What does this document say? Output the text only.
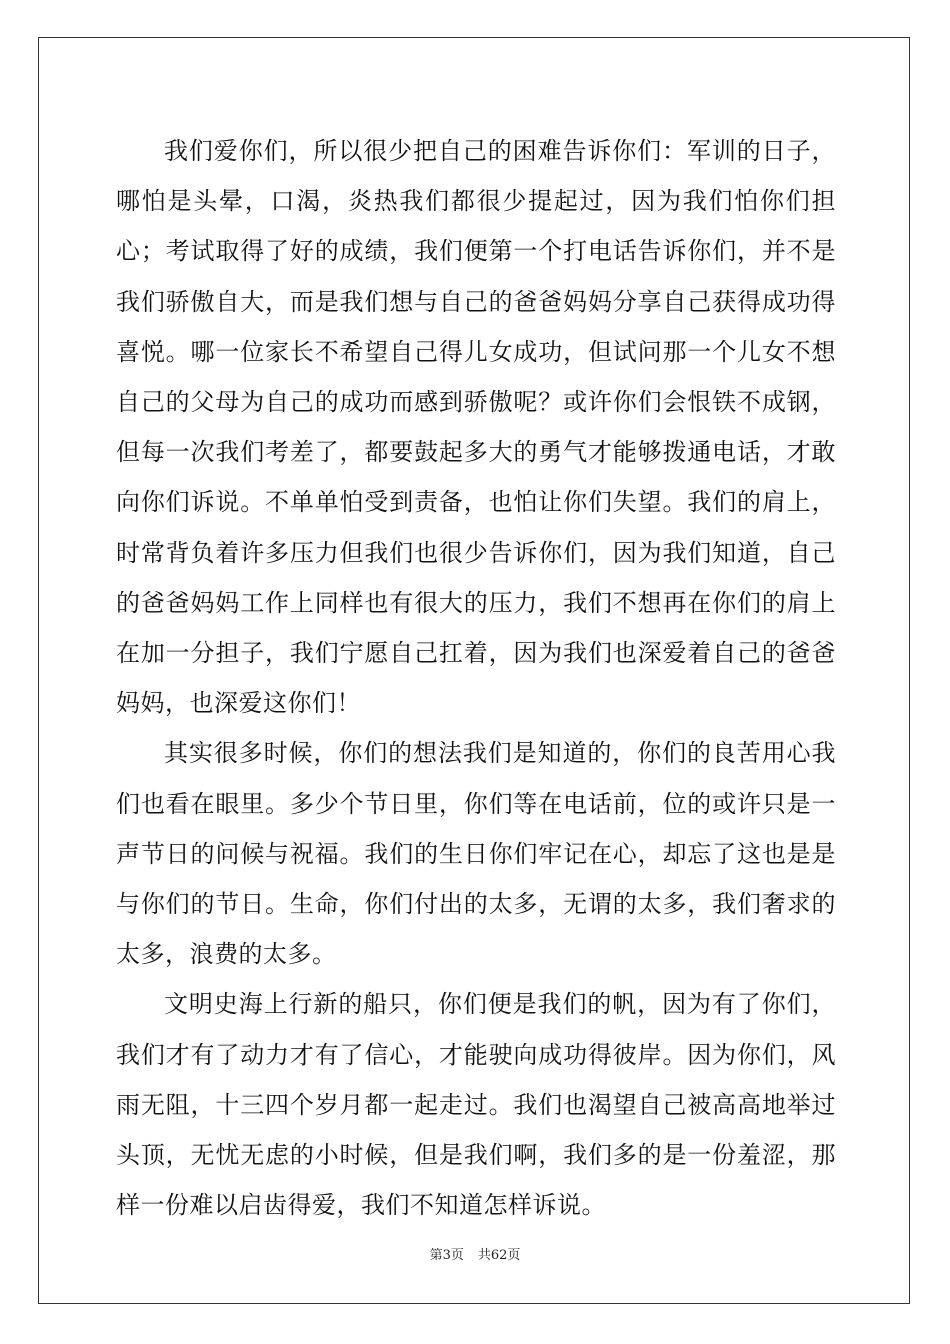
我们爱你们，所以很少把自己的困难告诉你们：军训的日子，哪怕是头晕，口渴，炎热我们都很少提起过，因为我们怕你们担心；考试取得了好的成绩，我们便第一个打电话告诉你们，并不是我们骄傲自大，而是我们想与自己的爸爸妈妈分享自己获得成功得喜悦。哪一位家长不希望自己得儿女成功，但试问那一个儿女不想自己的父母为自己的成功而感到骄傲呢？或许你们会恨铁不成钢，但每一次我们考差了，都要鼓起多大的勇气才能够拨通电话，才敢向你们诉说。不单单怕受到责备，也怕让你们失望。我们的肩上，时常背负着许多压力但我们也很少告诉你们，因为我们知道，自己的爸爸妈妈工作上同样也有很大的压力，我们不想再在你们的肩上在加一分担子，我们宁愿自己扛着，因为我们也深爱着自己的爸爸妈妈，也深爱这你们！

其实很多时候，你们的想法我们是知道的，你们的良苦用心我们也看在眼里。多少个节日里，你们等在电话前，位的或许只是一声节日的问候与祝福。我们的生日你们牢记在心，却忘了这也是是与你们的节日。生命，你们付出的太多，无谓的太多，我们奢求的太多，浪费的太多。

文明史海上行新的船只，你们便是我们的帆，因为有了你们，我们才有了动力才有了信心，才能驶向成功得彼岸。因为你们，风雨无阻，十三四个岁月都一起走过。我们也渴望自己被高高地举过头顶，无忧无虑的小时候，但是我们啊，我们多的是一份羞涩，那样一份难以启齿得爱，我们不知道怎样诉说。

第3页 共62页
